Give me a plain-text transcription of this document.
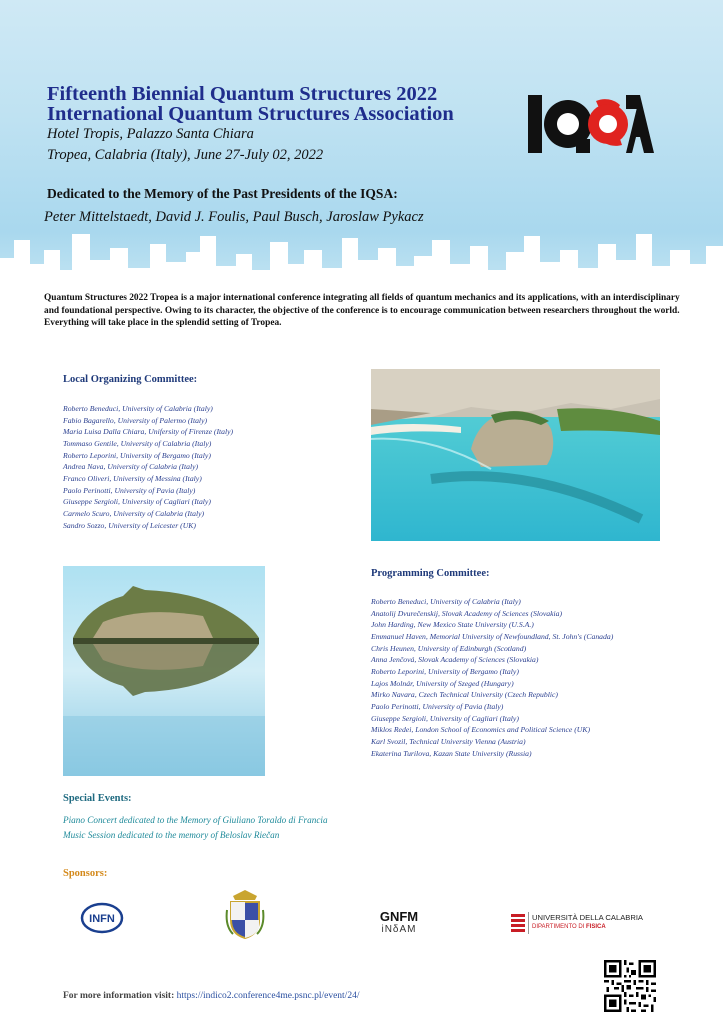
Fifteenth Biennial Quantum Structures 2022
International Quantum Structures Association
Hotel Tropis, Palazzo Santa Chiara
Tropea, Calabria (Italy), June 27-July 02, 2022
Dedicated to the Memory of the Past Presidents of the IQSA:
Peter Mittelstaedt, David J. Foulis, Paul Busch, Jaroslaw Pykacz

Quantum Structures 2022 Tropea is a major international conference integrating all fields of quantum mechanics and its applications, with an interdisciplinary and foundational perspective. Owing to its character, the objective of the conference is to encourage communication between researchers throughout the world. Everything will take place in the splendid setting of Tropea.

Local Organizing Committee:
Roberto Beneduci, University of Calabria (Italy)
Fabio Bagarello, University of Palermo (Italy)
Maria Luisa Dalla Chiara, Unifersity of Firenze (Italy)
Tommaso Gentile, University of Calabria (Italy)
Roberto Leporini, University of Bergamo (Italy)
Andrea Nava, University of Calabria (Italy)
Franco Oliveri, University of Messina (Italy)
Paolo Perinotti, University of Pavia (Italy)
Giuseppe Sergioli, University of Cagliari (Italy)
Carmelo Scuro, University of Calabria (Italy)
Sandro Sozzo, University of Leicester (UK)
Programming Committee:
Roberto Beneduci, University of Calabria (Italy)
Anatolij Dvurečenskij, Slovak Academy of Sciences (Slovakia)
John Harding, New Mexico State University (U.S.A.)
Emmanuel Haven, Memorial University of Newfoundland, St. John's (Canada)
Chris Heunen, University of Edinburgh (Scotland)
Anna Jenčová, Slovak Academy of Sciences (Slovakia)
Roberto Leporini, University of Bergamo (Italy)
Lajos Molnár, University of Szeged (Hungary)
Mirko Navara, Czech Technical University (Czech Republic)
Paolo Perinotti, University of Pavia (Italy)
Giuseppe Sergioli, University of Cagliari (Italy)
Miklos Redei, London School of Economics and Political Science (UK)
Karl Svozil, Technical University Vienna (Austria)
Ekaterina Turilova, Kazan State University (Russia)
Special Events:
Piano Concert dedicated to the Memory of Giuliano Toraldo di Francia
Music Session dedicated to the memory of Beloslav Riečan
Sponsors:
INFN	GNFM
iNδAM
UNIVERSITÀ DELLA CALABRIA
DIPARTIMENTO DI FISICA
For more information visit: https://indico2.conference4me.psnc.pl/event/24/
